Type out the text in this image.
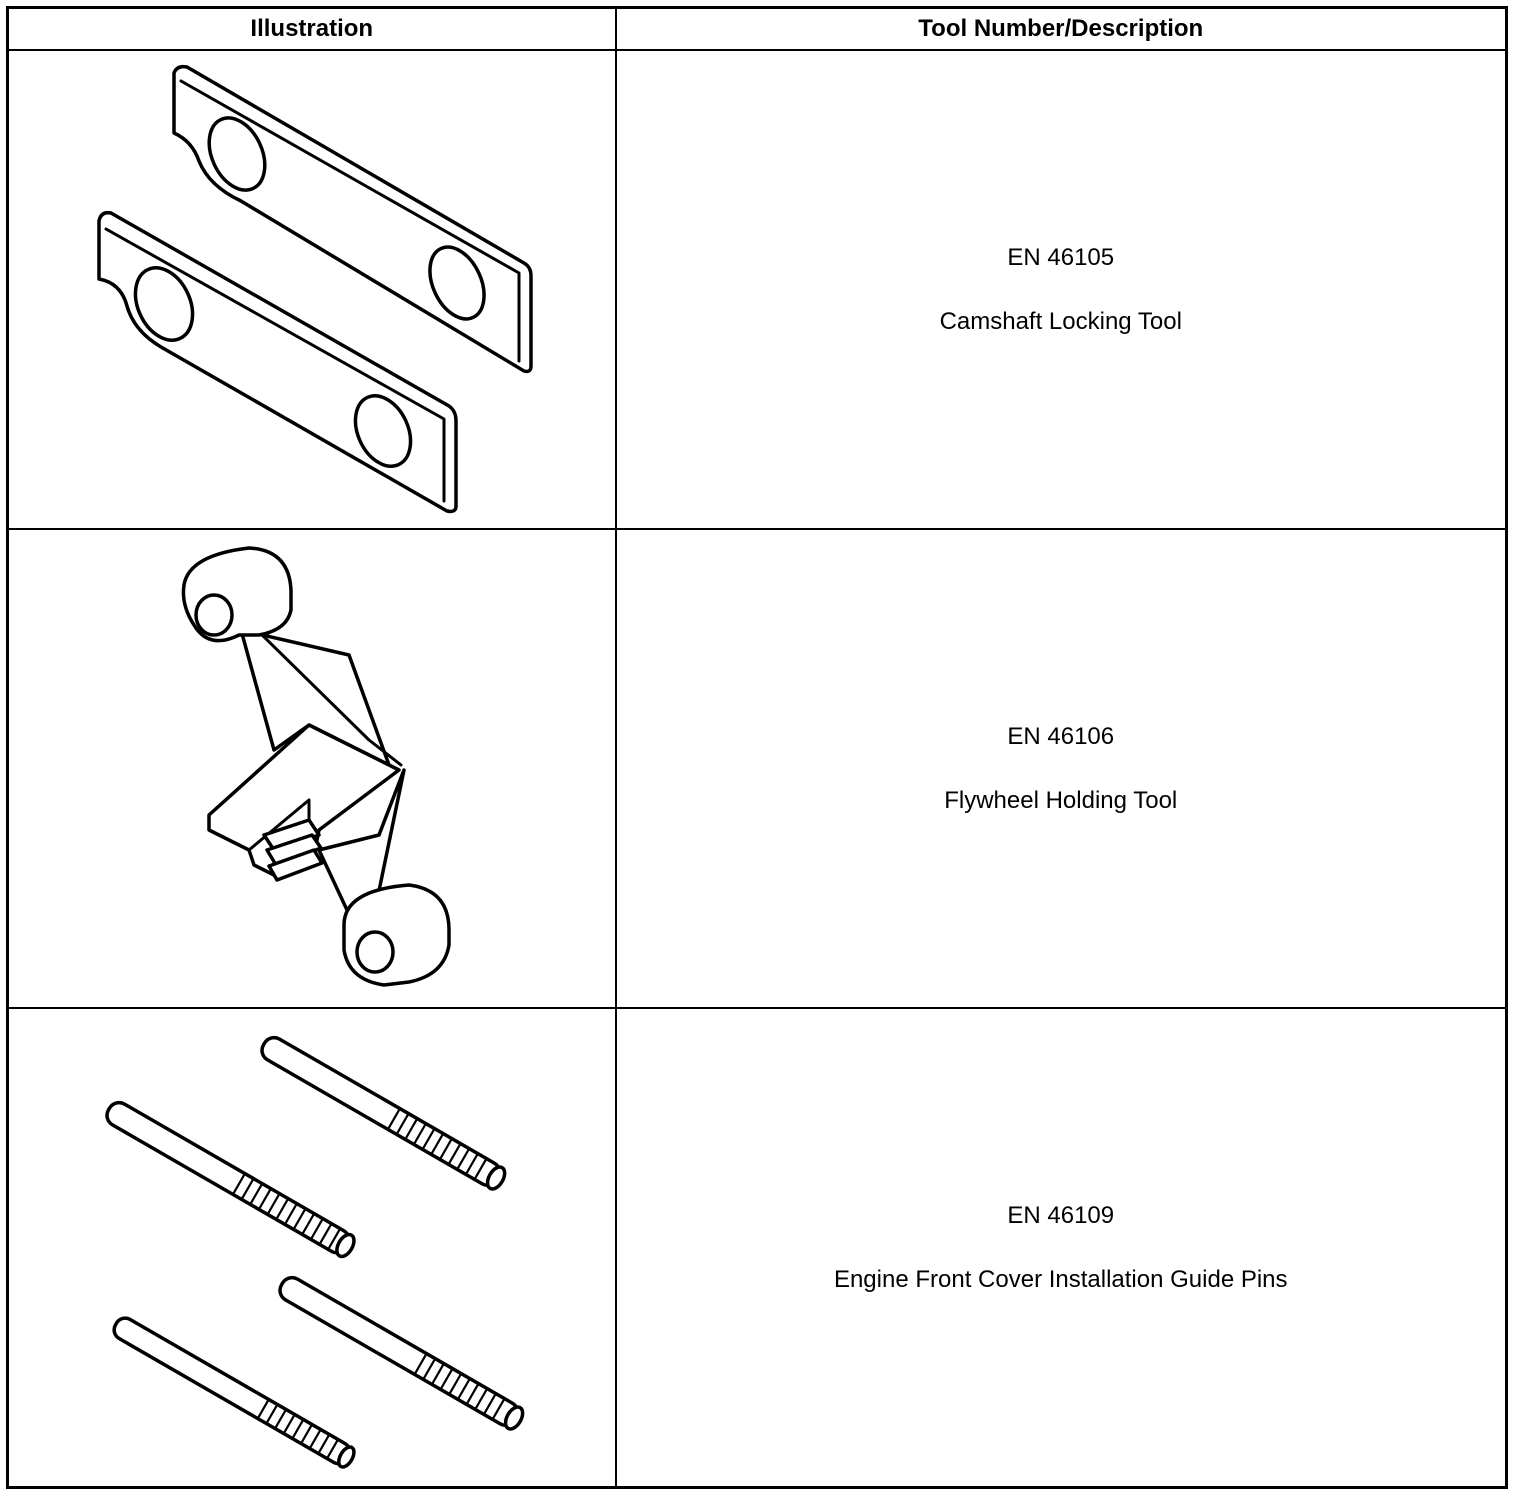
Illustration	Tool Number/Description

EN 46105

Camshaft Locking Tool

EN 46106

Flywheel Holding Tool

EN 46109

Engine Front Cover Installation Guide Pins
